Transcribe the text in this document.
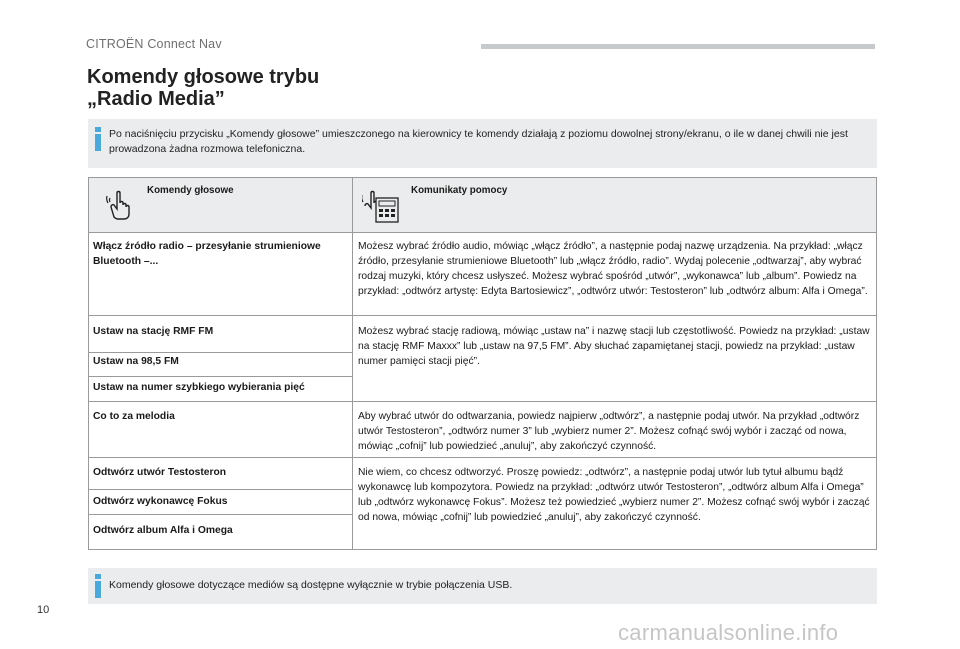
CITROËN Connect Nav
Komendy głosowe trybu
„Radio Media”

Po naciśnięciu przycisku „Komendy głosowe” umieszczonego na kierownicy te komendy działają z poziomu dowolnej strony/ekranu, o ile w danej chwili nie jest prowadzona żadna rozmowa telefoniczna.

Komendy głosowe	Komunikaty pomocy
Włącz źródło radio – przesyłanie strumieniowe Bluetooth –...
Możesz wybrać źródło audio, mówiąc „włącz źródło”, a następnie podaj nazwę urządzenia. Na przykład: „włącz źródło, przesyłanie strumieniowe Bluetooth” lub „włącz źródło, radio”. Wydaj polecenie „odtwarzaj”, aby wybrać rodzaj muzyki, który chcesz usłyszeć. Możesz wybrać spośród „utwór”, „wykonawca” lub „album”. Powiedz na przykład: „odtwórz artystę: Edyta Bartosiewicz”, „odtwórz utwór: Testosteron” lub „odtwórz album: Alfa i Omega”.
Ustaw na stację RMF FM
Ustaw na 98,5 FM
Ustaw na numer szybkiego wybierania pięć
Możesz wybrać stację radiową, mówiąc „ustaw na” i nazwę stacji lub częstotliwość. Powiedz na przykład: „ustaw na stację RMF Maxxx” lub „ustaw na 97,5 FM”. Aby słuchać zapamiętanej stacji, powiedz na przykład: „ustaw numer pamięci stacji pięć”.
Co to za melodia	Aby wybrać utwór do odtwarzania, powiedz najpierw „odtwórz”, a następnie podaj utwór. Na przykład „odtwórz utwór Testosteron”, „odtwórz numer 3” lub „wybierz numer 2”. Możesz cofnąć swój wybór i zacząć od nowa, mówiąc „cofnij” lub powiedzieć „anuluj”, aby zakończyć czynność.
Odtwórz utwór Testosteron
Odtwórz wykonawcę Fokus
Odtwórz album Alfa i Omega
Nie wiem, co chcesz odtworzyć. Proszę powiedz: „odtwórz”, a następnie podaj utwór lub tytuł albumu bądź wykonawcę lub kompozytora. Powiedz na przykład: „odtwórz utwór Testosteron”, „odtwórz album Alfa i Omega” lub „odtwórz wykonawcę Fokus”. Możesz też powiedzieć „wybierz numer 2”. Możesz cofnąć swój wybór i zacząć od nowa, mówiąc „cofnij” lub powiedzieć „anuluj”, aby zakończyć czynność.

Komendy głosowe dotyczące mediów są dostępne wyłącznie w trybie połączenia USB.

10
carmanualsonline.info
